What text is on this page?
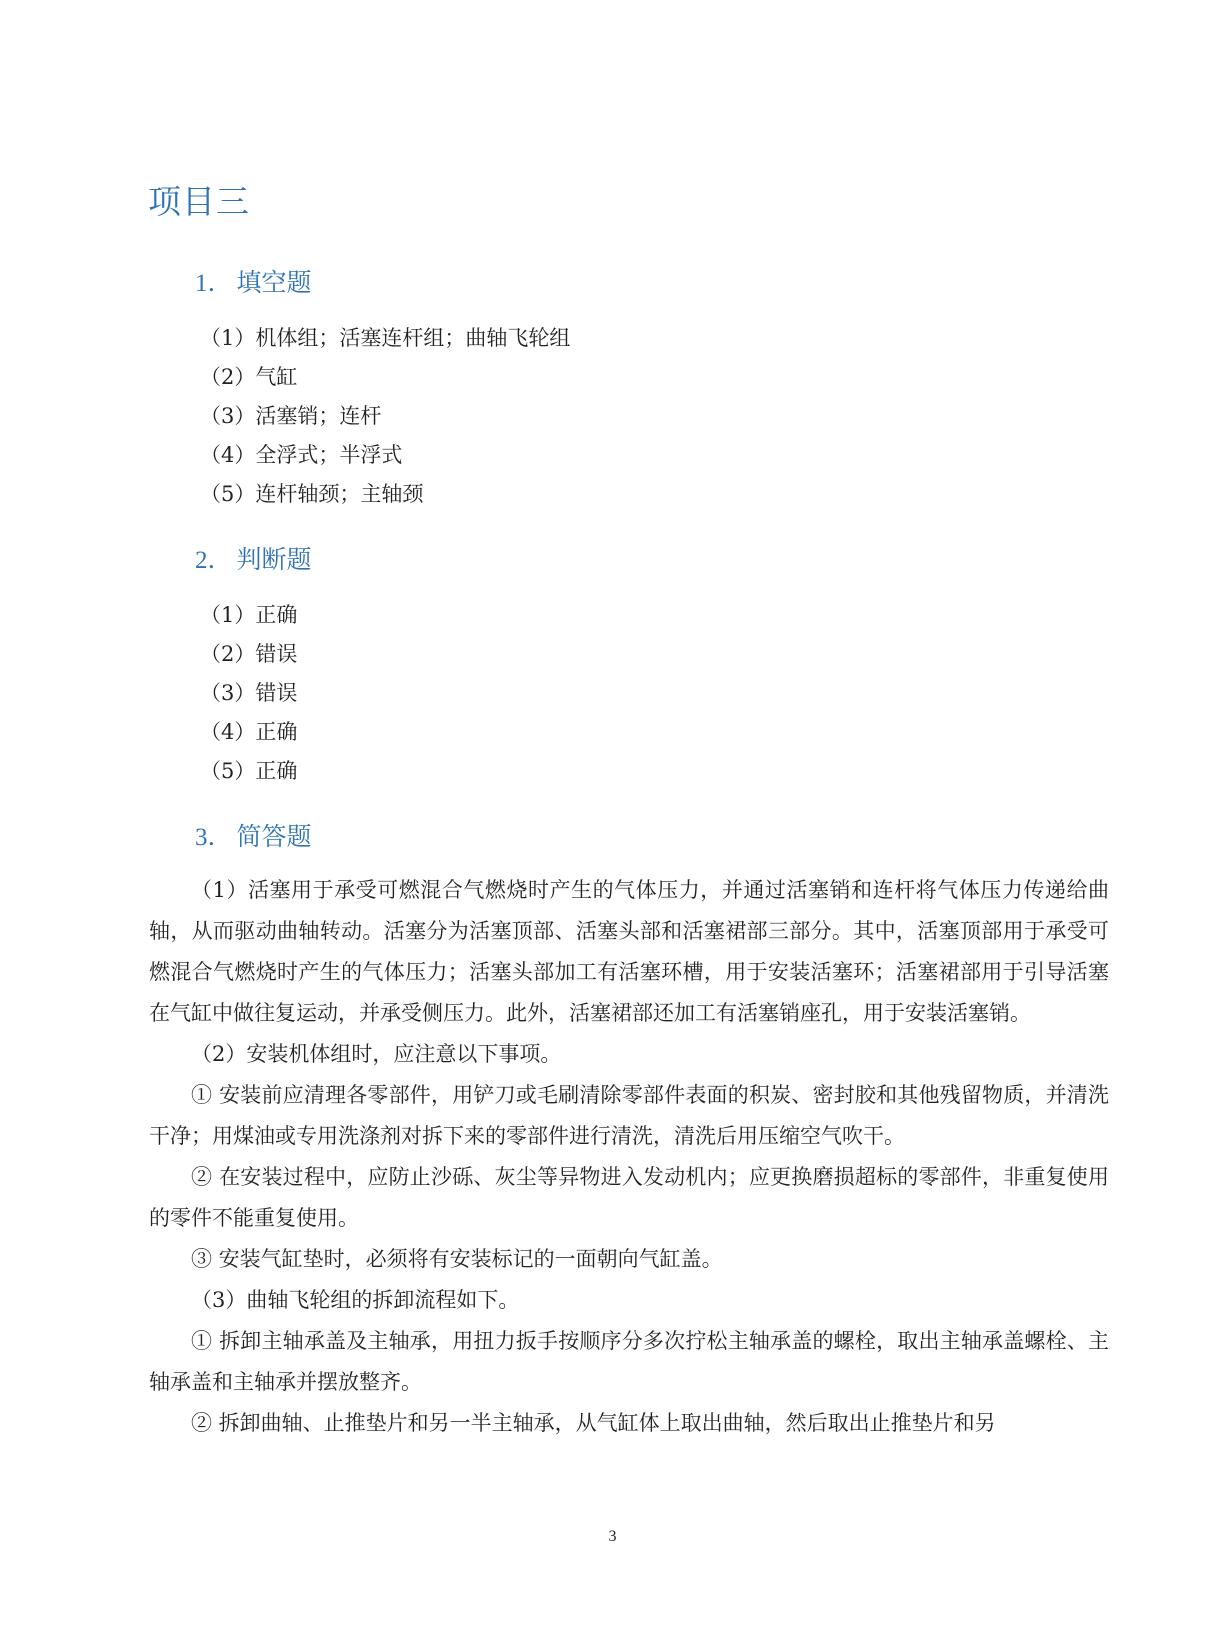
项目三
1． 填空题
（1）机体组；活塞连杆组；曲轴飞轮组
（2）气缸
（3）活塞销；连杆
（4）全浮式；半浮式
（5）连杆轴颈；主轴颈
2． 判断题
（1）正确
（2）错误
（3）错误
（4）正确
（5）正确
3． 简答题

（1）活塞用于承受可燃混合气燃烧时产生的气体压力，并通过活塞销和连杆将气体压力传递给曲轴，从而驱动曲轴转动。活塞分为活塞顶部、活塞头部和活塞裙部三部分。其中，活塞顶部用于承受可燃混合气燃烧时产生的气体压力；活塞头部加工有活塞环槽，用于安装活塞环；活塞裙部用于引导活塞在气缸中做往复运动，并承受侧压力。此外，活塞裙部还加工有活塞销座孔，用于安装活塞销。

（2）安装机体组时，应注意以下事项。

① 安装前应清理各零部件，用铲刀或毛刷清除零部件表面的积炭、密封胶和其他残留物质，并清洗干净；用煤油或专用洗涤剂对拆下来的零部件进行清洗，清洗后用压缩空气吹干。

② 在安装过程中，应防止沙砾、灰尘等异物进入发动机内；应更换磨损超标的零部件，非重复使用的零件不能重复使用。

③ 安装气缸垫时，必须将有安装标记的一面朝向气缸盖。

（3）曲轴飞轮组的拆卸流程如下。

① 拆卸主轴承盖及主轴承，用扭力扳手按顺序分多次拧松主轴承盖的螺栓，取出主轴承盖螺栓、主轴承盖和主轴承并摆放整齐。

② 拆卸曲轴、止推垫片和另一半主轴承，从气缸体上取出曲轴，然后取出止推垫片和另

3
